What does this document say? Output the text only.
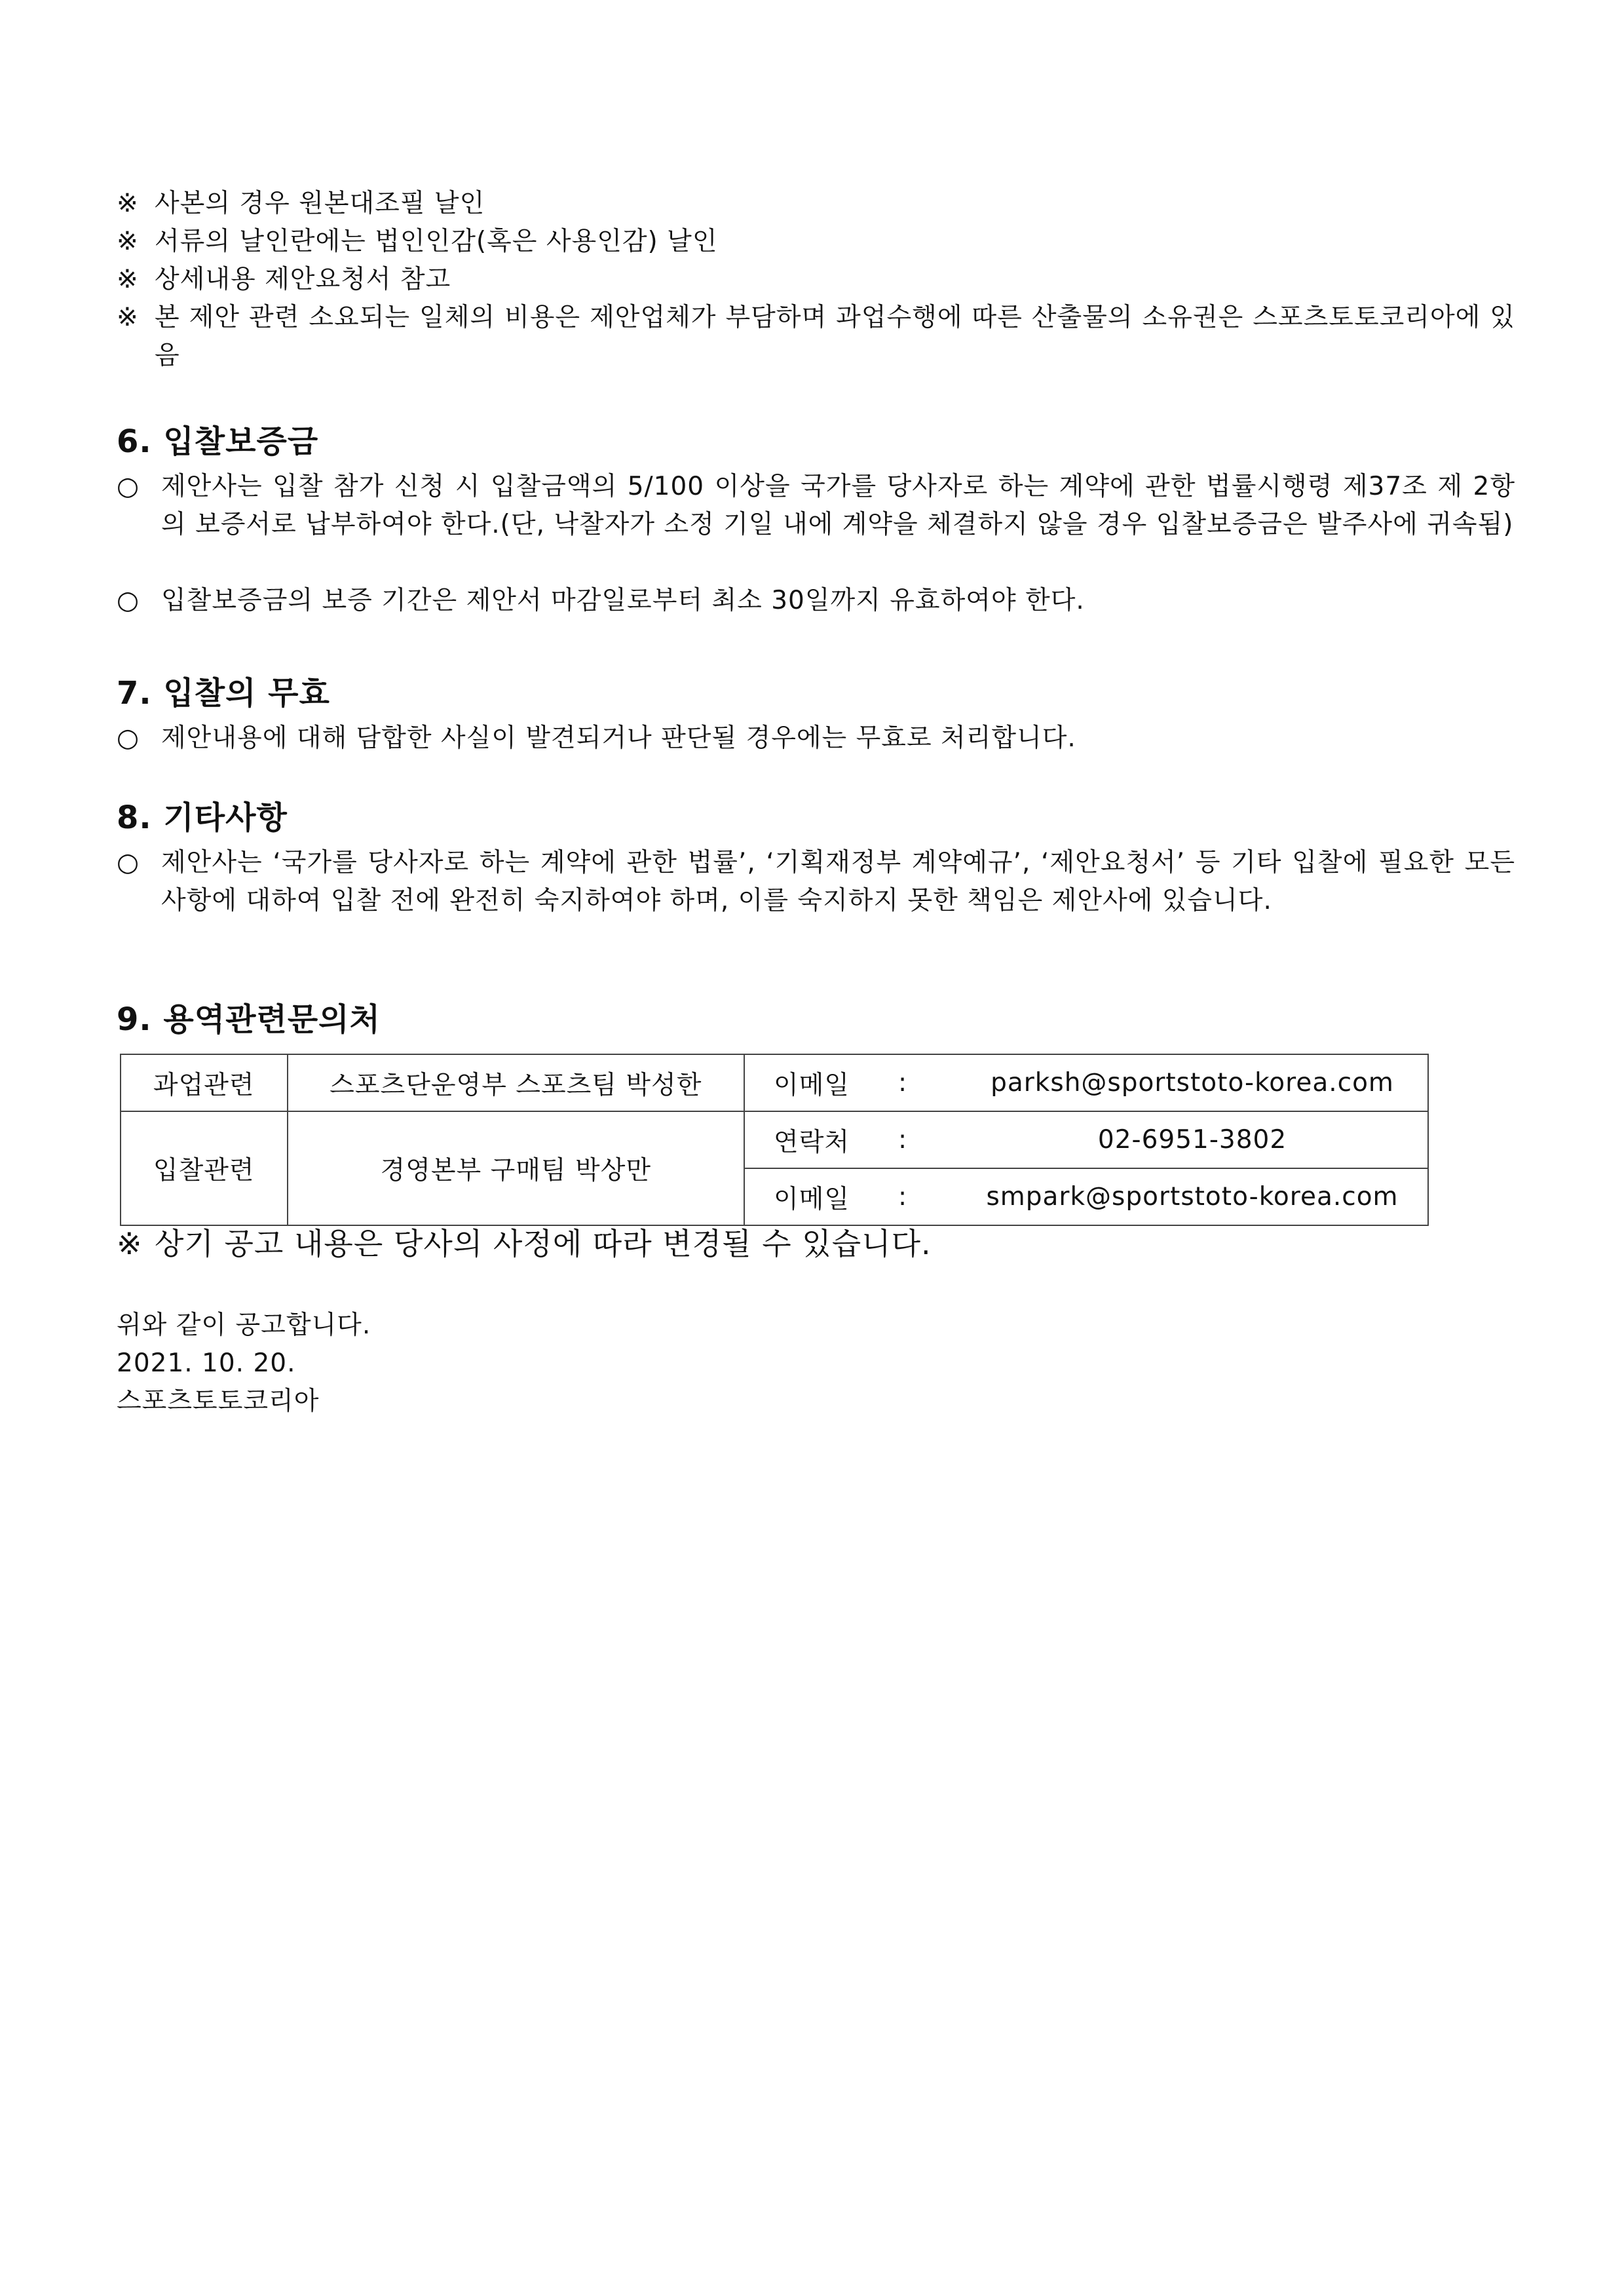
※ 사본의 경우 원본대조필 날인
※ 서류의 날인란에는 법인인감(혹은 사용인감) 날인
※ 상세내용 제안요청서 참고
※ 본 제안 관련 소요되는 일체의 비용은 제안업체가 부담하며 과업수행에 따른 산출물의 소유권은 스포츠토토코리아에 있음
6. 입찰보증금
○ 제안사는 입찰 참가 신청 시 입찰금액의 5/100 이상을 국가를 당사자로 하는 계약에 관한 법률시행령 제37조 제 2항의 보증서로 납부하여야 한다.(단, 낙찰자가 소정 기일 내에 계약을 체결하지 않을 경우 입찰보증금은 발주사에 귀속됨)
○ 입찰보증금의 보증 기간은 제안서 마감일로부터 최소 30일까지 유효하여야 한다.
7. 입찰의 무효
○ 제안내용에 대해 담합한 사실이 발견되거나 판단될 경우에는 무효로 처리합니다.
8. 기타사항
○ 제안사는 ‘국가를 당사자로 하는 계약에 관한 법률’, ‘기획재정부 계약예규’, ‘제안요청서’ 등 기타 입찰에 필요한 모든 사항에 대하여 입찰 전에 완전히 숙지하여야 하며, 이를 숙지하지 못한 책임은 제안사에 있습니다.
9. 용역관련문의처
과업관련	스포츠단운영부 스포츠팀 박성한	이메일 : parksh@sportstoto-korea.com

입찰관련	경영본부 구매팀 박상만	연락처 : 02-6951-3802

		이메일 : smpark@sportstoto-korea.com
※ 상기 공고 내용은 당사의 사정에 따라 변경될 수 있습니다.
위와 같이 공고합니다.
2021. 10. 20.
스포츠토토코리아
